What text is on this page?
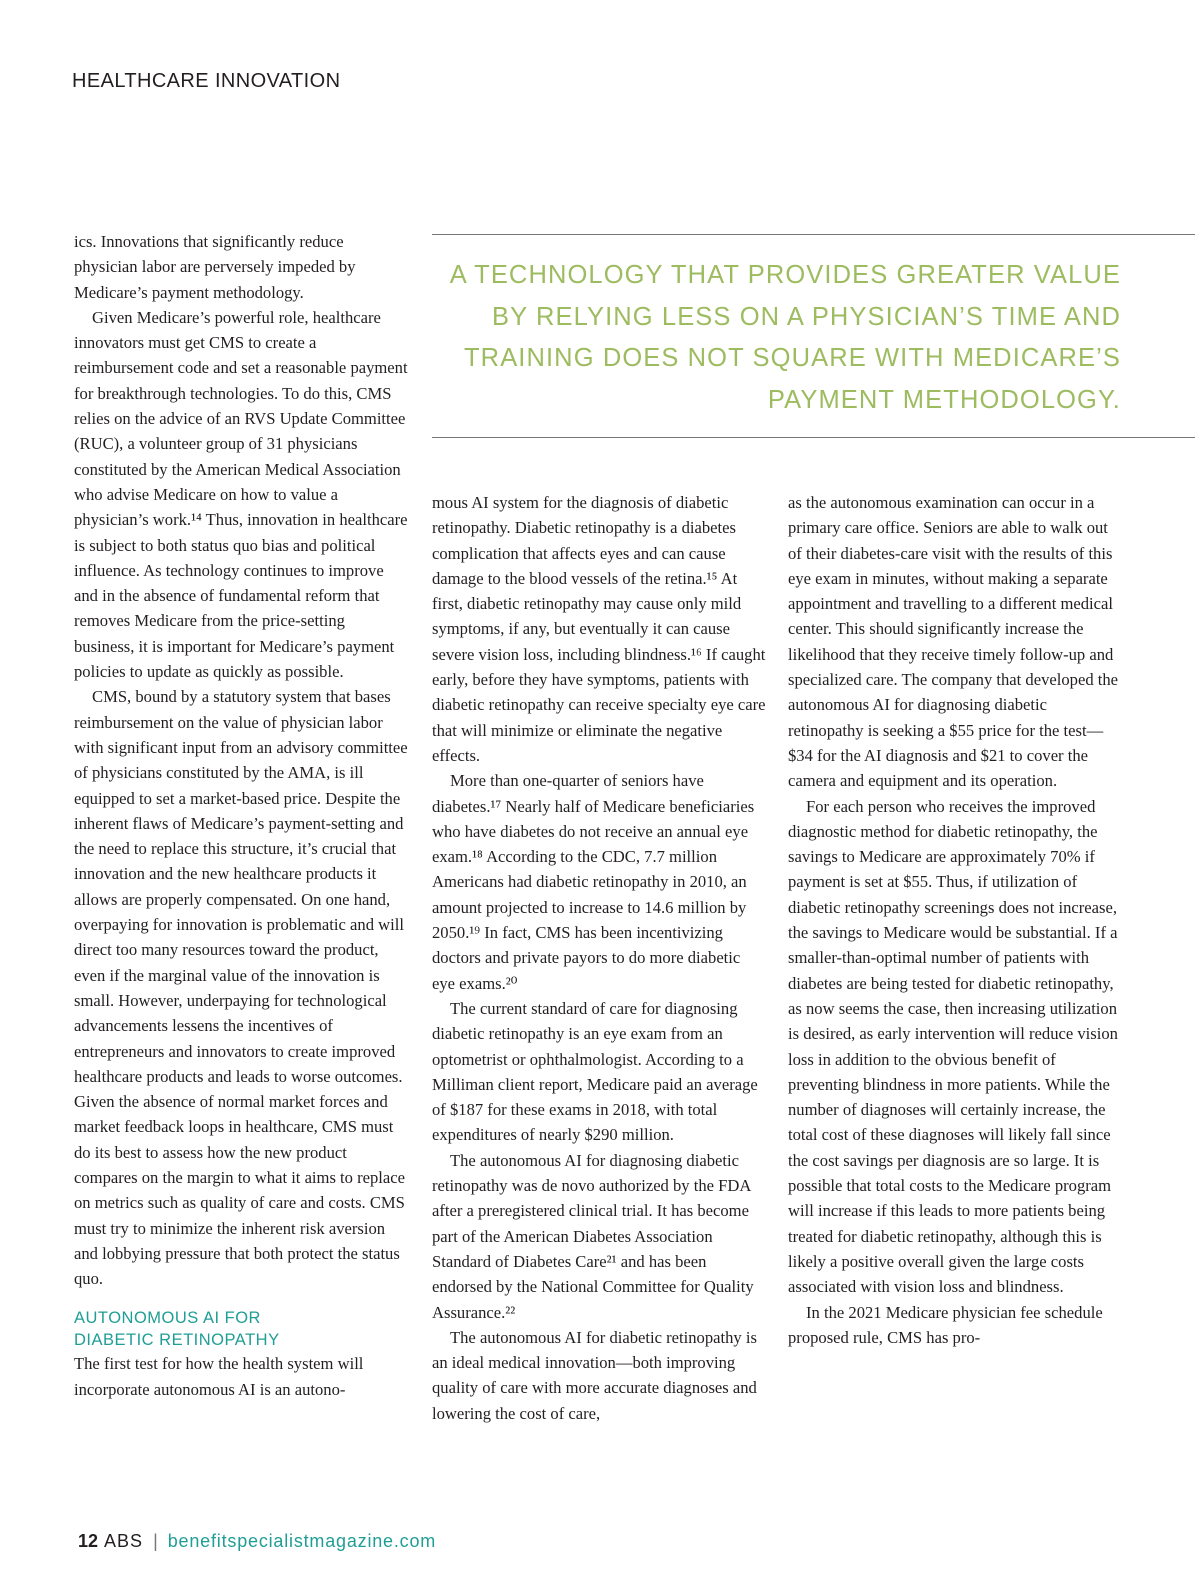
HEALTHCARE INNOVATION

A TECHNOLOGY THAT PROVIDES GREATER VALUE BY RELYING LESS ON A PHYSICIAN’S TIME AND TRAINING DOES NOT SQUARE WITH MEDICARE’S PAYMENT METHODOLOGY.

ics. Innovations that significantly reduce physician labor are perversely impeded by Medicare’s payment methodology.

Given Medicare’s powerful role, healthcare innovators must get CMS to create a reimbursement code and set a reasonable payment for breakthrough technologies. To do this, CMS relies on the advice of an RVS Update Committee (RUC), a volunteer group of 31 physicians constituted by the American Medical Association who advise Medicare on how to value a physician’s work.¹⁴ Thus, innovation in healthcare is subject to both status quo bias and political influence. As technology continues to improve and in the absence of fundamental reform that removes Medicare from the price-setting business, it is important for Medicare’s payment policies to update as quickly as possible.

CMS, bound by a statutory system that bases reimbursement on the value of physician labor with significant input from an advisory committee of physicians constituted by the AMA, is ill equipped to set a market-based price. Despite the inherent flaws of Medicare’s payment-setting and the need to replace this structure, it’s crucial that innovation and the new healthcare products it allows are properly compensated. On one hand, overpaying for innovation is problematic and will direct too many resources toward the product, even if the marginal value of the innovation is small. However, underpaying for technological advancements lessens the incentives of entrepreneurs and innovators to create improved healthcare products and leads to worse outcomes. Given the absence of normal market forces and market feedback loops in healthcare, CMS must do its best to assess how the new product compares on the margin to what it aims to replace on metrics such as quality of care and costs. CMS must try to minimize the inherent risk aversion and lobbying pressure that both protect the status quo.

AUTONOMOUS AI FOR
DIABETIC RETINOPATHY

The first test for how the health system will incorporate autonomous AI is an autono-

mous AI system for the diagnosis of diabetic retinopathy. Diabetic retinopathy is a diabetes complication that affects eyes and can cause damage to the blood vessels of the retina.¹⁵ At first, diabetic retinopathy may cause only mild symptoms, if any, but eventually it can cause severe vision loss, including blindness.¹⁶ If caught early, before they have symptoms, patients with diabetic retinopathy can receive specialty eye care that will minimize or eliminate the negative effects.

More than one-quarter of seniors have diabetes.¹⁷ Nearly half of Medicare beneficiaries who have diabetes do not receive an annual eye exam.¹⁸ According to the CDC, 7.7 million Americans had diabetic retinopathy in 2010, an amount projected to increase to 14.6 million by 2050.¹⁹ In fact, CMS has been incentivizing doctors and private payors to do more diabetic eye exams.²⁰

The current standard of care for diagnosing diabetic retinopathy is an eye exam from an optometrist or ophthalmologist. According to a Milliman client report, Medicare paid an average of $187 for these exams in 2018, with total expenditures of nearly $290 million.

The autonomous AI for diagnosing diabetic retinopathy was de novo authorized by the FDA after a preregistered clinical trial. It has become part of the American Diabetes Association Standard of Diabetes Care²¹ and has been endorsed by the National Committee for Quality Assurance.²²

The autonomous AI for diabetic retinopathy is an ideal medical innovation—both improving quality of care with more accurate diagnoses and lowering the cost of care,

as the autonomous examination can occur in a primary care office. Seniors are able to walk out of their diabetes-care visit with the results of this eye exam in minutes, without making a separate appointment and travelling to a different medical center. This should significantly increase the likelihood that they receive timely follow-up and specialized care. The company that developed the autonomous AI for diagnosing diabetic retinopathy is seeking a $55 price for the test—$34 for the AI diagnosis and $21 to cover the camera and equipment and its operation.

For each person who receives the improved diagnostic method for diabetic retinopathy, the savings to Medicare are approximately 70% if payment is set at $55. Thus, if utilization of diabetic retinopathy screenings does not increase, the savings to Medicare would be substantial. If a smaller-than-optimal number of patients with diabetes are being tested for diabetic retinopathy, as now seems the case, then increasing utilization is desired, as early intervention will reduce vision loss in addition to the obvious benefit of preventing blindness in more patients. While the number of diagnoses will certainly increase, the total cost of these diagnoses will likely fall since the cost savings per diagnosis are so large. It is possible that total costs to the Medicare program will increase if this leads to more patients being treated for diabetic retinopathy, although this is likely a positive overall given the large costs associated with vision loss and blindness.

In the 2021 Medicare physician fee schedule proposed rule, CMS has pro-

12 ABS | benefitspecialistmagazine.com
